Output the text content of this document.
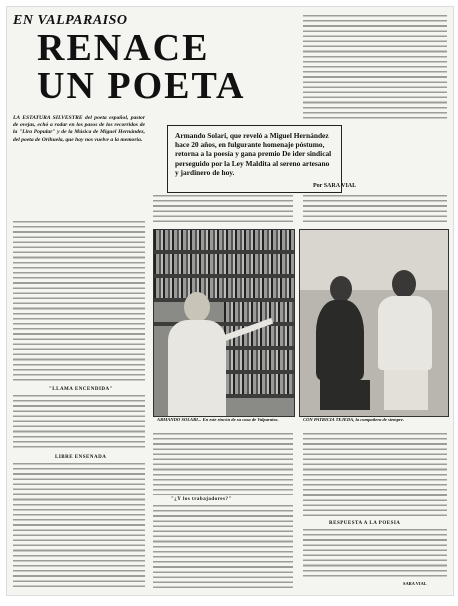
EN VALPARAISO
RENACE
UN POETA
LA ESTATURA SILVESTRE del poeta español, pastor de ovejas, echó a rodar en los pasos de los recorridos de la "Lira Popular" y de la Música de Miguel Hernández, del poeta de Orihuela, que hoy nos vuelve a la memoria.
"LLAMA ENCENDIDA"
LIBRE ENSENADA
Armando Solari, que reveló a Miguel Hernández hace 20 años, en fulgurante homenaje póstumo, retorna a la poesía y gana premio De ider sindical perseguido por la Ley Maldita al sereno artesano y jardinero de hoy.
Por SARA VIAL
ARMANDO SOLARI... En este rincón de su casa de Valparaíso.	CON PATRICIA TEJEDA, la compañera de siempre.
"¿Y los trabajadores?"
RESPUESTA A LA POESIA
SARA VIAL
